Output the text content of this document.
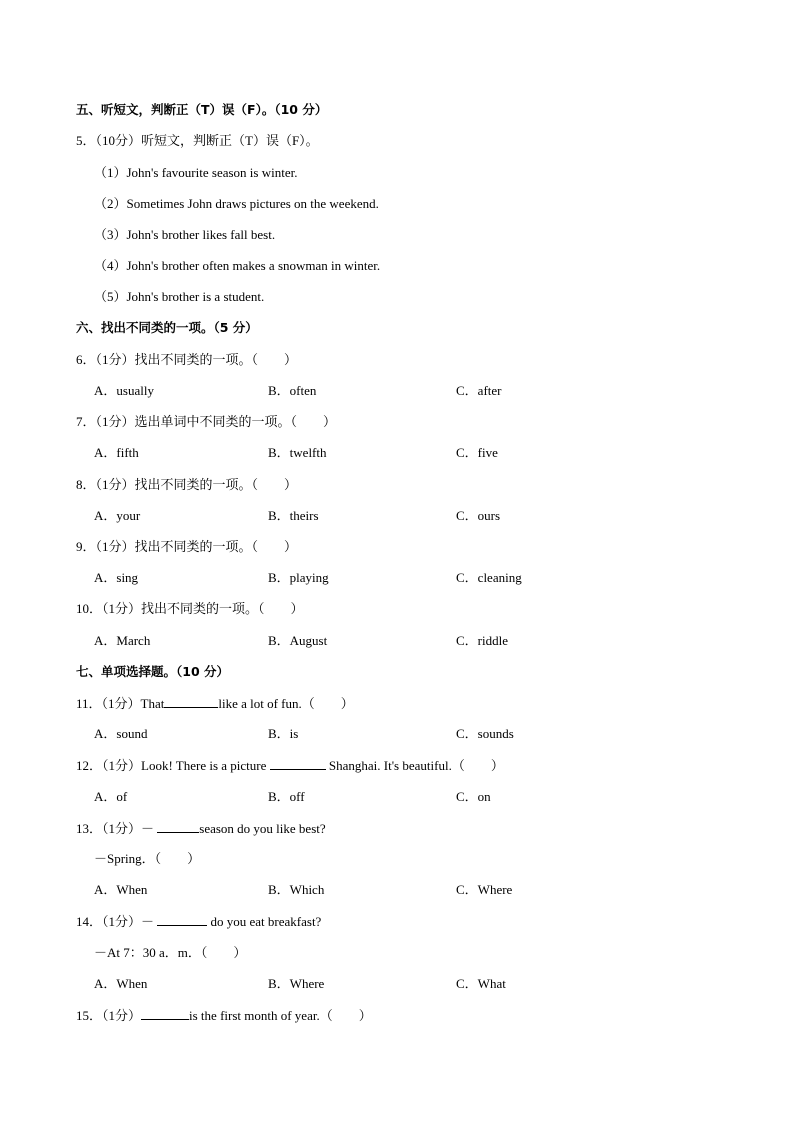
五、听短文，判断正（T）误（F）。（10 分）
5．（10分）听短文，判断正（T）误（F）。
（1）John's favourite season is winter.
（2）Sometimes John draws pictures on the weekend.
（3）John's brother likes fall best.
（4）John's brother often makes a snowman in winter.
（5）John's brother is a student.
六、找出不同类的一项。（5 分）
6．（1分）找出不同类的一项。（　　）
A．usually	B．often	C．after
7．（1分）选出单词中不同类的一项。（　　）
A．fifth	B．twelfth	C．five
8．（1分）找出不同类的一项。（　　）
A．your	B．theirs	C．ours
9．（1分）找出不同类的一项。（　　）
A．sing	B．playing	C．cleaning
10．（1分）找出不同类的一项。（　　）
A．March	B．August	C．riddle
七、单项选择题。（10 分）
11．（1分）That	like a lot of fun.（　　）
A．sound	B．is	C．sounds
12．（1分）Look! There is a picture	Shanghai. It's beautiful.（　　）
A．of	B．off	C．on
13．（1分）－	season do you like best?
－Spring．（　　）
A．When	B．Which	C．Where
14．（1分）－	do you eat breakfast?
－At 7：30 a．m．（　　）
A．When	B．Where	C．What
15．（1分）	is the first month of year.（　　）
